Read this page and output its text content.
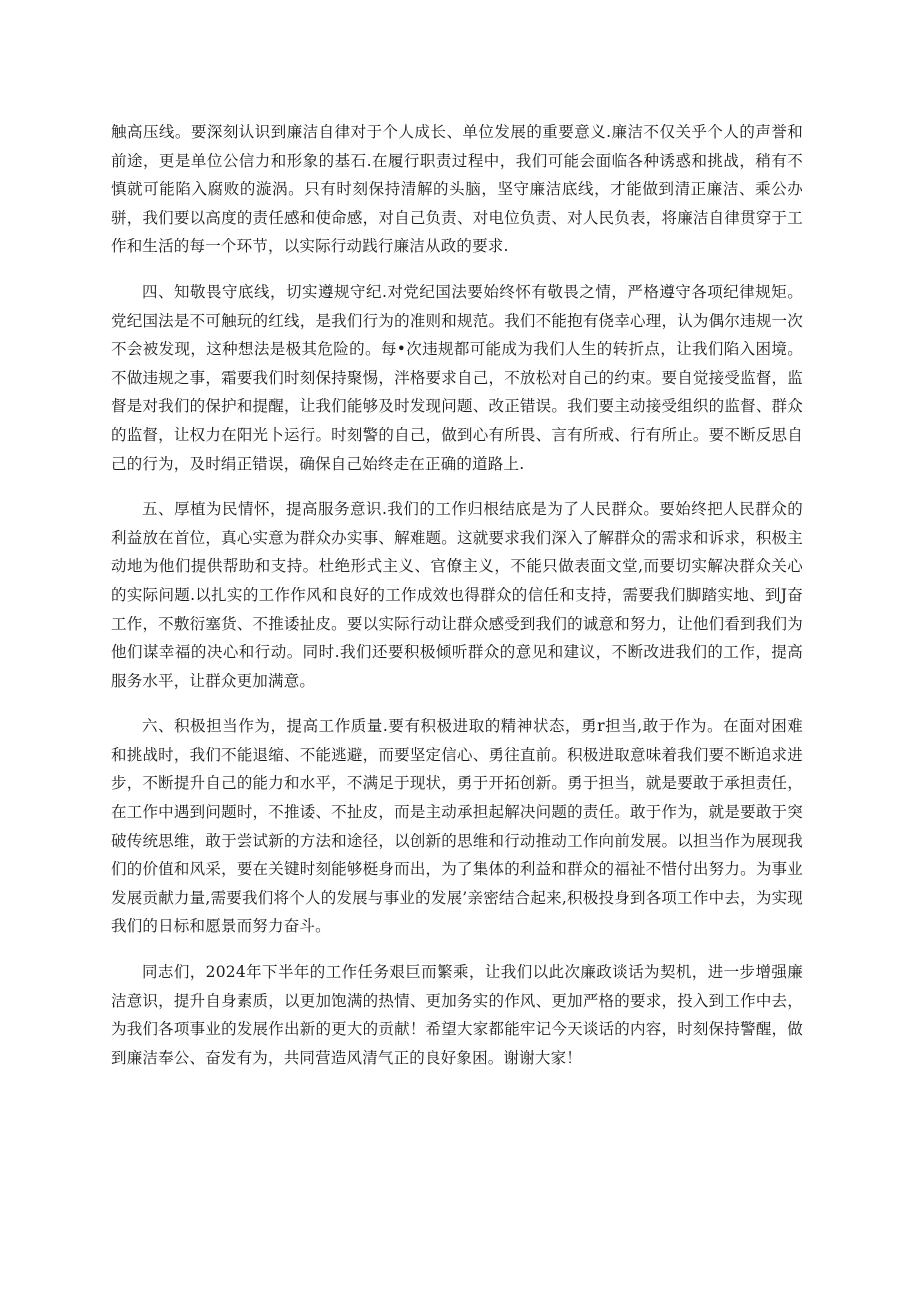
触高压线。要深刻认识到廉洁自律对于个人成长、单位发展的重要意义.廉洁不仅关乎个人的声誉和前途，更是单位公信力和形象的基石.在履行职责过程中，我们可能会面临各种诱惑和挑战，稍有不慎就可能陷入腐败的漩涡。只有时刻保持清解的头脑，坚守廉洁底线，才能做到清正廉洁、乘公办骈，我们要以高度的责任感和使命感，对自己负责、对电位负责、对人民负表，将廉洁自律贯穿于工作和生活的每一个环节，以实际行动践行廉洁从政的要求.

四、知敬畏守底线，切实遵规守纪.对党纪国法要始终怀有敬畏之情，严格遵守各项纪律规矩。党纪国法是不可触玩的红线，是我们行为的准则和规范。我们不能抱有侥幸心理，认为偶尔违规一次不会被发现，这种想法是极其危险的。每•次违规都可能成为我们人生的转折点，让我们陷入困境。不做违规之事，霜要我们时刻保持聚惕，泮格要求自己，不放松对自己的约束。要自觉接受监督，监督是对我们的保护和提醒，让我们能够及时发现问题、改正错误。我们要主动接受组织的监督、群众的监督，让权力在阳光卜运行。时刻警的自己，做到心有所畏、言有所戒、行有所止。要不断反思自己的行为，及时绢正错误，确保自己始终走在正确的道路上.

五、厚植为民情怀，提高服务意识.我们的工作归根结底是为了人民群众。要始终把人民群众的利益放在首位，真心实意为群众办实事、解难题。这就要求我们深入了解群众的需求和诉求，积极主动地为他们提供帮助和支持。杜绝形式主义、官僚主义，不能只做表面文堂,而要切实解决群众关心的实际问题.以扎实的工作作风和良好的工作成效也得群众的信任和支持，需要我们脚踏实地、到J奋工作，不敷衍塞货、不推诿扯皮。要以实际行动让群众感受到我们的诚意和努力，让他们看到我们为他们谋幸福的决心和行动。同时.我们还要积极倾听群众的意见和建议，不断改进我们的工作，提高服务水平，让群众更加满意。

六、积极担当作为，提高工作质量.要有积极进取的精神状态，勇r担当,敢于作为。在面对困难和挑战时，我们不能退缩、不能逃避，而要坚定信心、勇往直前。积极进取意味着我们要不断追求进步，不断提升自己的能力和水平，不满足于现状，勇于开拓创新。勇于担当，就是要敢于承担责任，在工作中遇到问题时，不推诿、不扯皮，而是主动承担起解决问题的责任。敢于作为，就是要敢于突破传统思维，敢于尝试新的方法和途径，以创新的思维和行动推动工作向前发展。以担当作为展现我们的价值和风采，要在关键时刻能够梃身而出，为了集体的利益和群众的福祉不惜付出努力。为事业发展贡献力量,需要我们将个人的发展与事业的发展’亲密结合起来,积极投身到各项工作中去，为实现我们的日标和愿景而努力奋斗。

同志们，2024年下半年的工作任务艰巨而繁乘，让我们以此次廉政谈话为契机，进一步增强廉洁意识，提升自身素质，以更加饱满的热情、更加务实的作风、更加严格的要求，投入到工作中去，为我们各项事业的发展作出新的更大的贡献！希望大家都能牢记今天谈话的内容，时刻保持警醒，做到廉洁奉公、奋发有为，共同营造风清气正的良好象困。谢谢大家！
